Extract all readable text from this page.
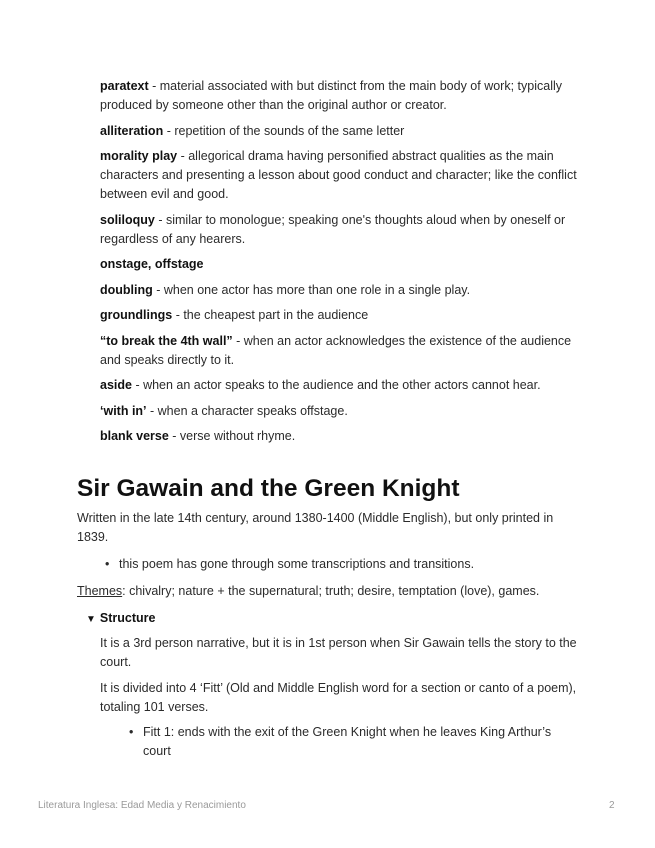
paratext - material associated with but distinct from the main body of work; typically produced by someone other than the original author or creator.
alliteration - repetition of the sounds of the same letter
morality play - allegorical drama having personified abstract qualities as the main characters and presenting a lesson about good conduct and character; like the conflict between evil and good.
soliloquy - similar to monologue; speaking one's thoughts aloud when by oneself or regardless of any hearers.
onstage, offstage
doubling - when one actor has more than one role in a single play.
groundlings - the cheapest part in the audience
“to break the 4th wall” - when an actor acknowledges the existence of the audience and speaks directly to it.
aside - when an actor speaks to the audience and the other actors cannot hear.
‘with in’ - when a character speaks offstage.
blank verse - verse without rhyme.
Sir Gawain and the Green Knight

Written in the late 14th century, around 1380-1400 (Middle English), but only printed in 1839.

• this poem has gone through some transcriptions and transitions.

Themes: chivalry; nature + the supernatural; truth; desire, temptation (love), games.

▼ Structure

It is a 3rd person narrative, but it is in 1st person when Sir Gawain tells the story to the court.

It is divided into 4 ‘Fitt’ (Old and Middle English word for a section or canto of a poem), totaling 101 verses.

• Fitt 1: ends with the exit of the Green Knight when he leaves King Arthur’s court
Literatura Inglesa: Edad Media y Renacimiento	2
